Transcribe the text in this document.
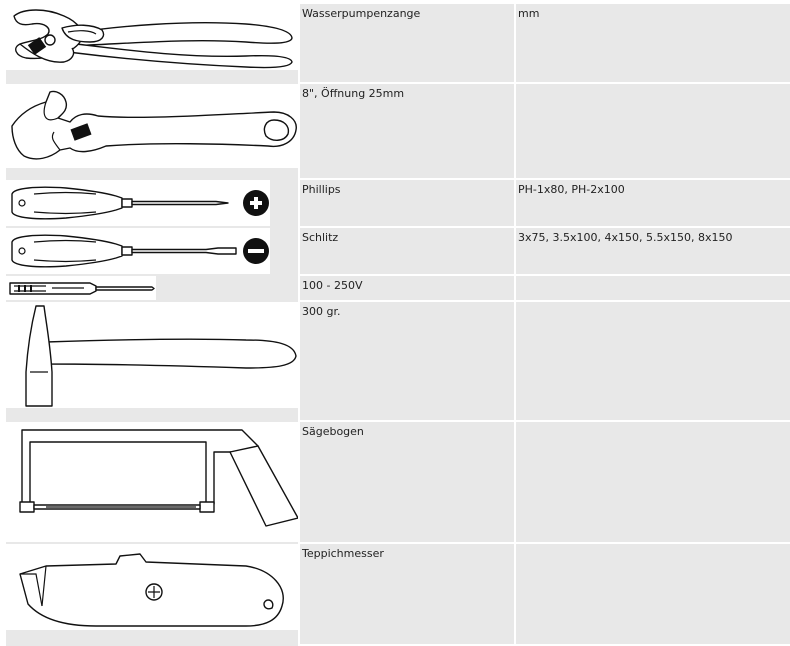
Wasserpumpenzange	mm
8", Öffnung 25mm
Phillips	PH-1x80, PH-2x100
Schlitz	3x75, 3.5x100, 4x150, 5.5x150, 8x150
100 - 250V
300 gr.
Sägebogen
Teppichmesser
